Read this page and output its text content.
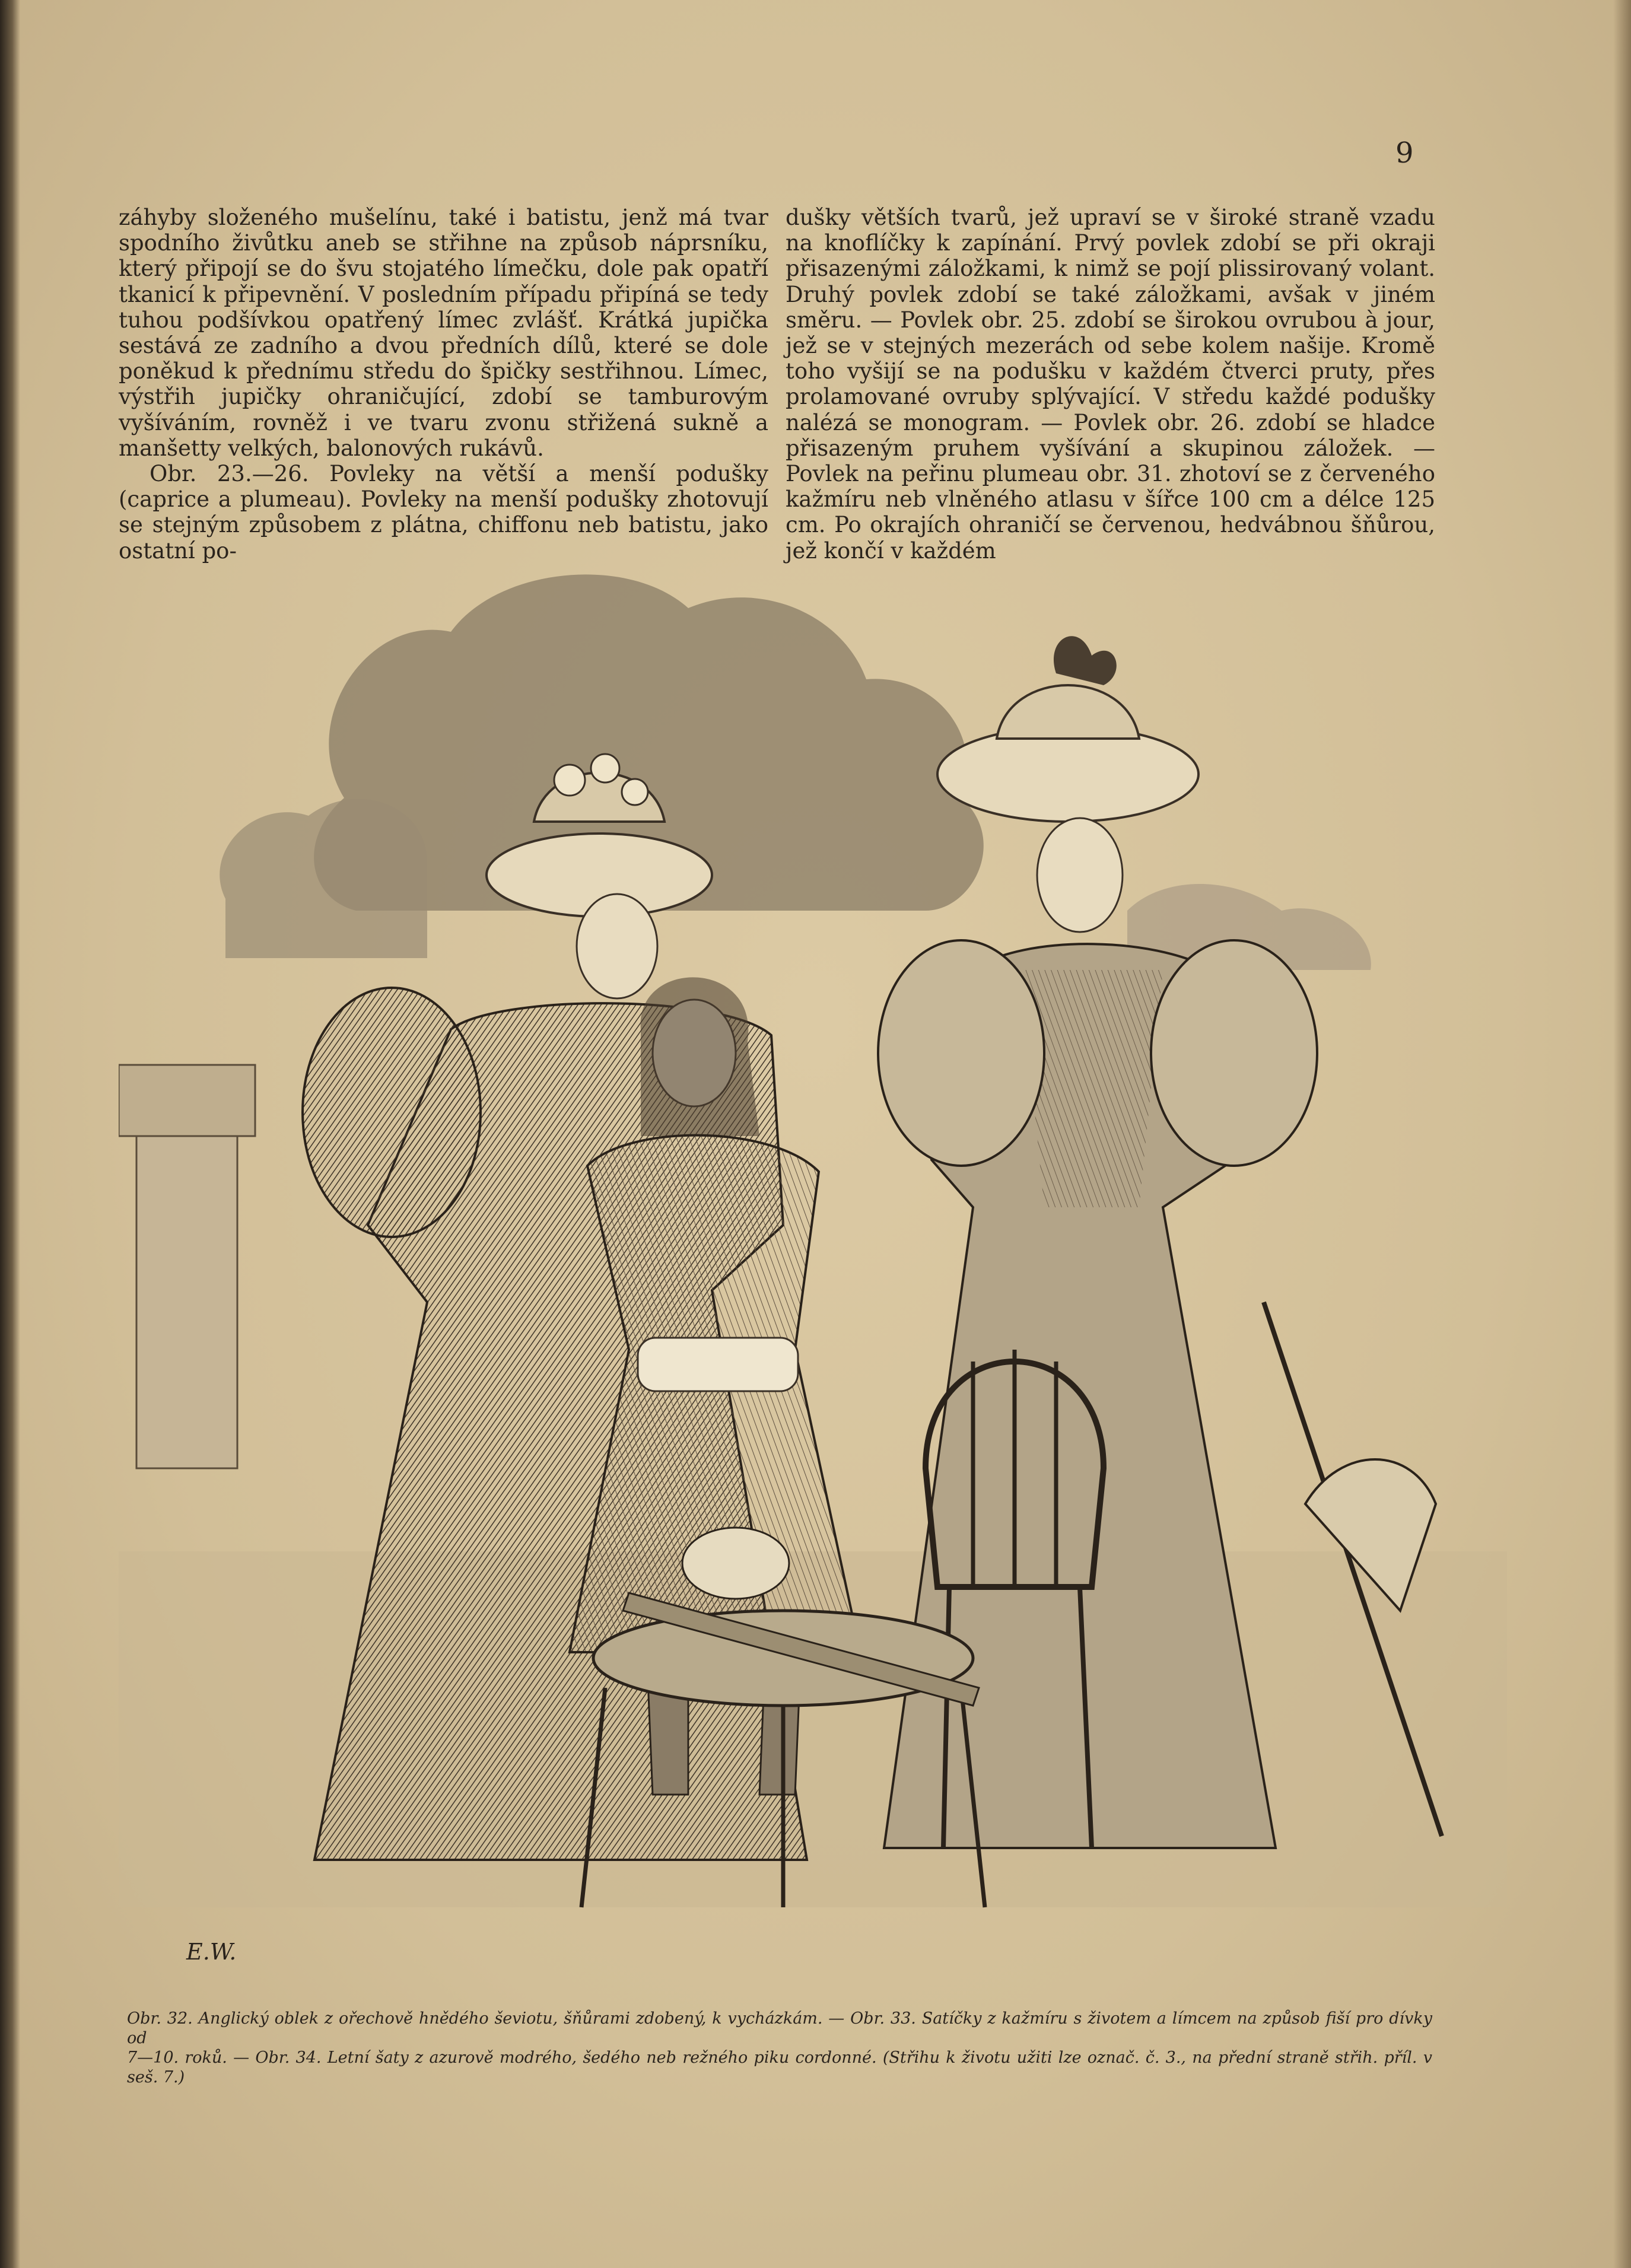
9

záhyby složeného mušelínu, také i batistu, jenž má tvar spodního živůtku aneb se střihne na způsob náprsníku, který připojí se do švu stojatého límečku, dole pak opatří tkanicí k připevnění. V posledním případu připíná se tedy tuhou podšívkou opatřený límec zvlášť. Krátká jupička sestává ze zadního a dvou předních dílů, které se dole poněkud k přednímu středu do špičky sestřihnou. Límec, výstřih jupičky ohraničující, zdobí se tamburovým vyšíváním, rovněž i ve tvaru zvonu střižená sukně a manšetty velkých, balonových rukávů.

Obr. 23.—26. Povleky na větší a menší podušky (caprice a plumeau). Povleky na menší podušky zhotovují se stejným způsobem z plátna, chiffonu neb batistu, jako ostatní po-

dušky větších tvarů, jež upraví se v široké straně vzadu na knoflíčky k zapínání. Prvý povlek zdobí se při okraji přisazenými záložkami, k nimž se pojí plissirovaný volant. Druhý povlek zdobí se také záložkami, avšak v jiném směru. — Povlek obr. 25. zdobí se širokou ovrubou à jour, jež se v stejných mezerách od sebe kolem našije. Kromě toho vyšijí se na podušku v každém čtverci pruty, přes prolamované ovruby splývající. V středu každé podušky nalézá se monogram. — Povlek obr. 26. zdobí se hladce přisazeným pruhem vyšívání a skupinou záložek. — Povlek na peřinu plumeau obr. 31. zhotoví se z červeného kažmíru neb vlněného atlasu v šířce 100 cm a délce 125 cm. Po okrajích ohraničí se červenou, hedvábnou šňůrou, jež končí v každém

E.W.
Obr. 32. Anglický oblek z ořechově hnědého ševiotu, šňůrami zdobený, k vycházkám. — Obr. 33. Satíčky z kažmíru s životem a límcem na způsob fiší pro dívky od
7—10. roků. — Obr. 34. Letní šaty z azurově modrého, šedého neb režného piku cordonné. (Střihu k životu užiti lze označ. č. 3., na přední straně střih. příl. v seš. 7.)
